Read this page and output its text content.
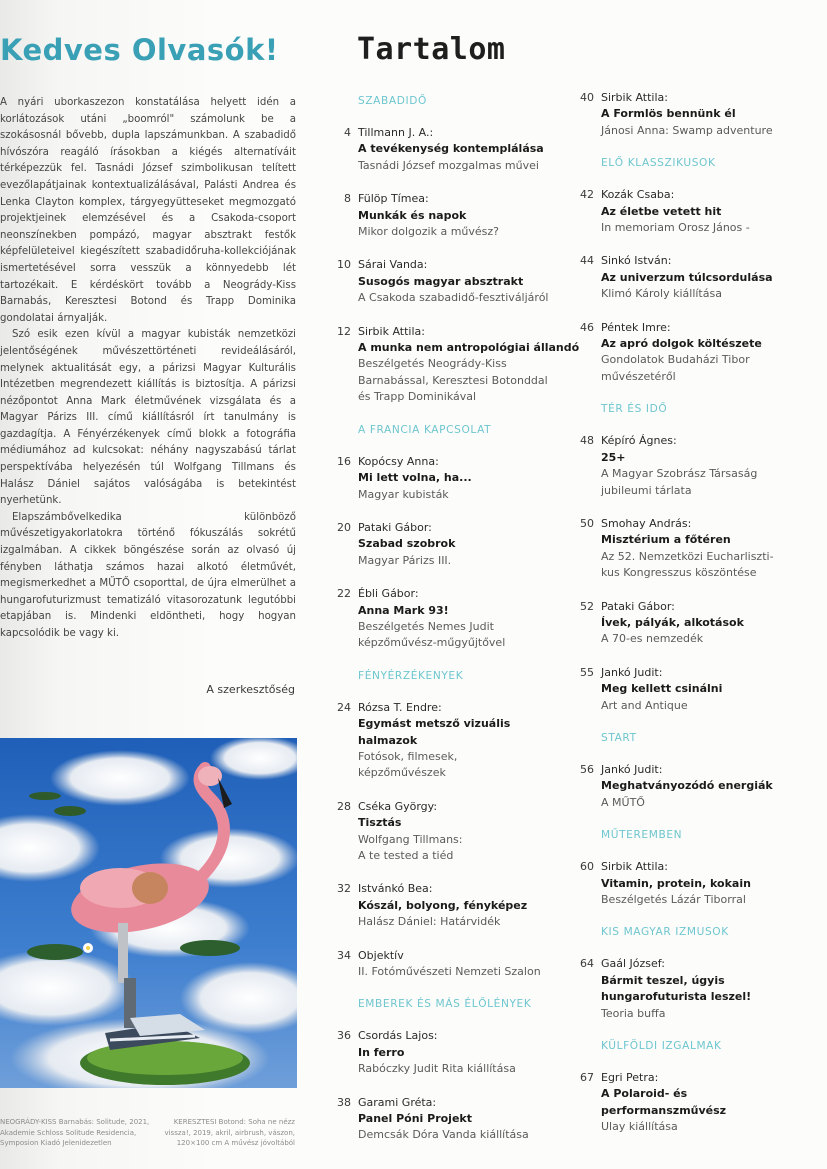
Kedves Olvasók!	Tartalom

A nyári uborkaszezon konstatálása helyett idén a korlátozások utáni „boomról" számolunk be a szokásosnál bővebb, dupla lapszámunkban. A szabadidő hívószóra reagáló írásokban a kiégés alternatíváit térképezzük fel. Tasnádi József szimbolikusan telített evezőlapátjainak kontextualizálásával, Palásti Andrea és Lenka Clayton komplex, tárgyegyütteseket megmozgató projektjeinek elemzésével és a Csakoda-csoport neonszínekben pompázó, magyar absztrakt festők képfelületeivel kiegészített szabadidőruha-kollekciójának ismertetésével sorra vesszük a könnyedebb lét tartozékait. E kérdéskört tovább a Neogrády-Kiss Barnabás, Keresztesi Botond és Trapp Dominika gondolatai árnyalják.

Szó esik ezen kívül a magyar kubisták nemzetközi jelentőségének művészettörténeti revideálásáról, melynek aktualitását egy, a párizsi Magyar Kulturális Intézetben megrendezett kiállítás is biztosítja. A párizsi nézőpontot Anna Mark életművének vizsgálata és a Magyar Párizs III. című kiállításról írt tanulmány is gazdagítja. A Fényérzékenyek című blokk a fotográfia médiumához ad kulcsokat: néhány nagyszabású tárlat perspektívába helyezésén túl Wolfgang Tillmans és Halász Dániel sajátos valóságába is betekintést nyerhetünk.

Elapszámbővelkedika különböző művészetigyakorlatokra történő fókuszálás sokrétű izgalmában. A cikkek böngészése során az olvasó új fényben láthatja számos hazai alkotó életművét, megismerkedhet a MŰTŐ csoporttal, de újra elmerülhet a hungarofuturizmust tematizáló vitasorozatunk legutóbbi etapjában is. Mindenki eldöntheti, hogy hogyan kapcsolódik be vagy ki.

A szerkesztőség
NEOGRÁDY-KISS Barnabás: Solitude, 2021, Akademie Schloss Solitude Residencia, Symposion Kiadó Jelenidezetlen
KERESZTESI Botond: Soha ne nézz vissza!, 2019, akril, airbrush, vászon, 120×100 cm A művész jóvoltából
SZABADIDŐ
4 Tillmann J. A.:
A tevékenység kontemplálása
Tasnádi József mozgalmas művei
8 Fülöp Tímea:
Munkák és napok
Mikor dolgozik a művész?
10 Sárai Vanda:
Susogós magyar absztrakt
A Csakoda szabadidő-fesztiváljáról
12 Sirbik Attila:
A munka nem antropológiai állandó
Beszélgetés Neogrády-Kiss
Barnabással, Keresztesi Botonddal
és Trapp Dominikával
A FRANCIA KAPCSOLAT
16 Kopócsy Anna:
Mi lett volna, ha...
Magyar kubisták
20 Pataki Gábor:
Szabad szobrok
Magyar Párizs III.
22 Ébli Gábor:
Anna Mark 93!
Beszélgetés Nemes Judit
képzőművész-műgyűjtővel
FÉNYÉRZÉKENYEK
24 Rózsa T. Endre:
Egymást metsző vizuális
halmazok
Fotósok, filmesek,
képzőművészek
28 Cséka György:
Tisztás
Wolfgang Tillmans:
A te tested a tiéd
32 Istvánkó Bea:
Kószál, bolyong, fényképez
Halász Dániel: Határvidék
34 Objektív
II. Fotóművészeti Nemzeti Szalon
EMBEREK ÉS MÁS ÉLŐLÉNYEK
36 Csordás Lajos:
In ferro
Rabóczky Judit Rita kiállítása
38 Garami Gréta:
Panel Póni Projekt
Demcsák Dóra Vanda kiállítása
40 Sirbik Attila:
A Formlös bennünk él
Jánosi Anna: Swamp adventure
ELŐ KLASSZIKUSOK
42 Kozák Csaba:
Az életbe vetett hit
In memoriam Orosz János -
44 Sinkó István:
Az univerzum túlcsordulása
Klimó Károly kiállítása
46 Péntek Imre:
Az apró dolgok költészete
Gondolatok Budaházi Tibor
művészetéről
TÉR ÉS IDŐ
48 Képíró Ágnes:
25+
A Magyar Szobrász Társaság
jubileumi tárlata
50 Smohay András:
Misztérium a főtéren
Az 52. Nemzetközi Eucharliszti-
kus Kongresszus köszöntése
52 Pataki Gábor:
Ívek, pályák, alkotások
A 70-es nemzedék
55 Jankó Judit:
Meg kellett csinálni
Art and Antique
START
56 Jankó Judit:
Meghatványozódó energiák
A MŰTŐ
MŰTEREMBEN
60 Sirbik Attila:
Vitamin, protein, kokain
Beszélgetés Lázár Tiborral
KIS MAGYAR IZMUSOK
64 Gaál József:
Bármit teszel, úgyis
hungarofuturista leszel!
Teoria buffa
KÜLFÖLDI IZGALMAK
67 Egri Petra:
A Polaroid- és
performanszművész
Ulay kiállítása
